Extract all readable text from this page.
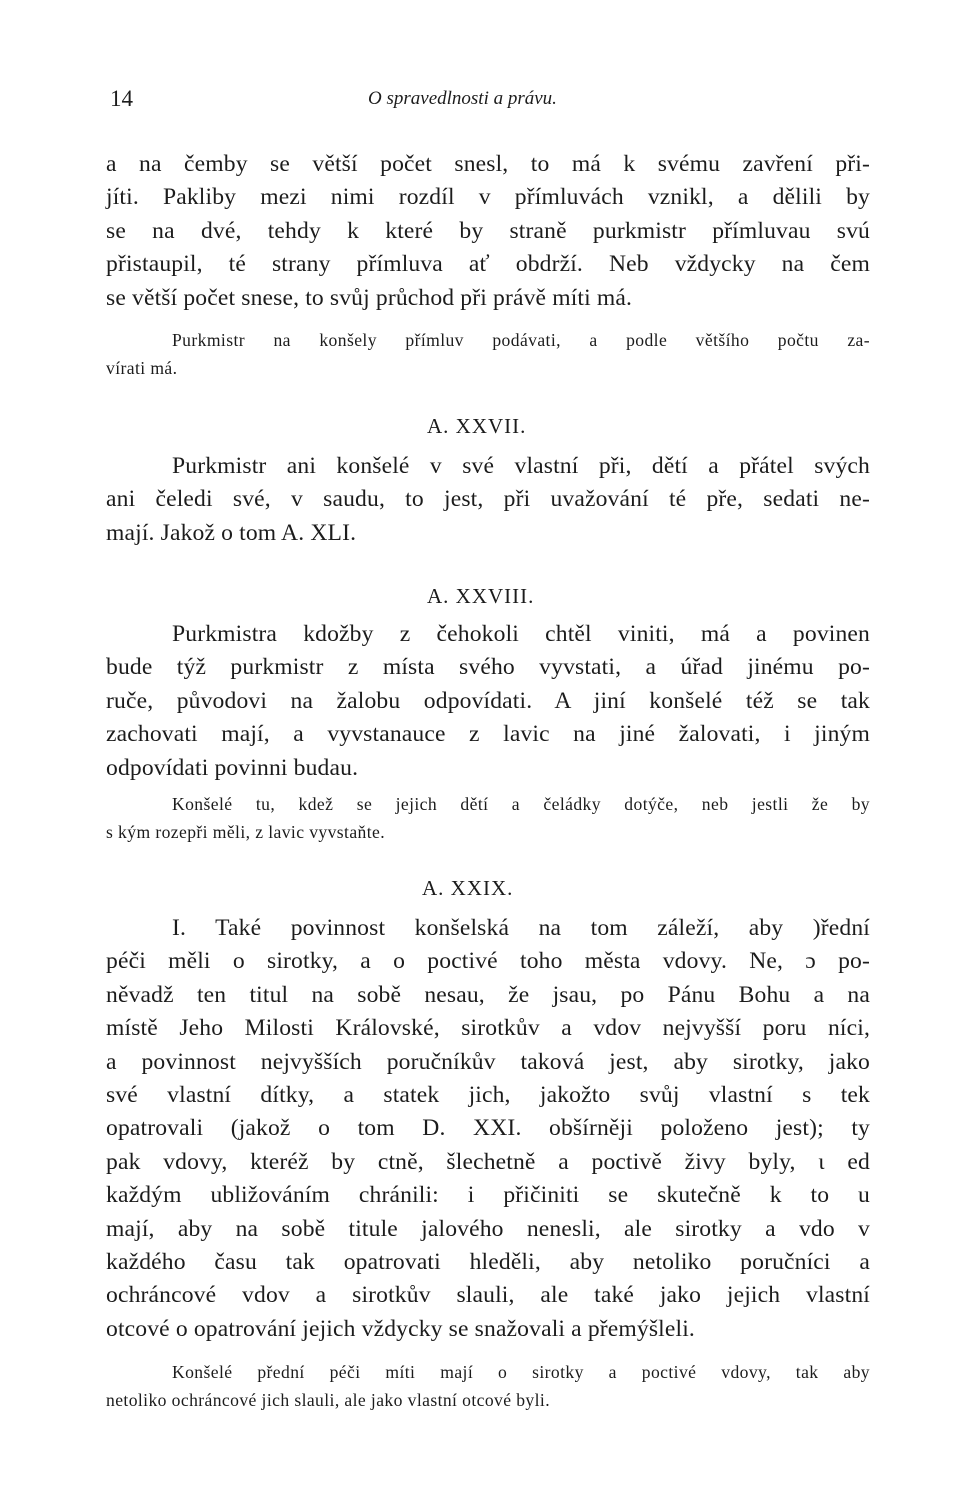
14	O spravedlnosti a právu.
a na čemby se větší počet snesl, to má k svému zavření při-
jíti. Pakliby mezi nimi rozdíl v přímluvách vznikl, a dělili by
se na dvé, tehdy k které by straně purkmistr přímluvau svú
přistaupil, té strany přímluva ať obdrží. Neb vždycky na čem
se větší počet snese, to svůj průchod při právě míti má.
Purkmistr na konšely přímluv podávati, a podle většího počtu za-
vírati má.
A. XXVII.
Purkmistr ani konšelé v své vlastní při, dětí a přátel svých
ani čeledi své, v saudu, to jest, při uvažování té pře, sedati ne-
mají. Jakož o tom A. XLI.
A. XXVIII.
Purkmistra kdožby z čehokoli chtěl viniti, má a povinen
bude týž purkmistr z místa svého vyvstati, a úřad jinému po-
ruče, původovi na žalobu odpovídati. A jiní konšelé též se tak
zachovati mají, a vyvstanauce z lavic na jiné žalovati, i jiným
odpovídati povinni budau.
Konšelé tu, kdež se jejich dětí a čeládky dotýče, neb jestli že by
s kým rozepři měli, z lavic vyvstaňte.
A. XXIX.
I. Také povinnost konšelská na tom záleží, aby )řední
péči měli o sirotky, a o poctivé toho města vdovy. Ne, ɔ po-
něvadž ten titul na sobě nesau, že jsau, po Pánu Bohu a na
místě Jeho Milosti Královské, sirotkův a vdov nejvyšší poru níci,
a povinnost nejvyšších poručníkův taková jest, aby sirotky, jako
své vlastní dítky, a statek jich, jakožto svůj vlastní s tek
opatrovali (jakož o tom D. XXI. obšírněji položeno jest); ty
pak vdovy, kteréž by ctně, šlechetně a poctivě živy byly, ɩ ed
každým ubližováním chránili: i přičiniti se skutečně k to u
mají, aby na sobě titule jalového nenesli, ale sirotky a vdo v
každého času tak opatrovati hleděli, aby netoliko poručníci a
ochráncové vdov a sirotkův slauli, ale také jako jejich vlastní
otcové o opatrování jejich vždycky se snažovali a přemýšleli.
Konšelé přední péči míti mají o sirotky a poctivé vdovy, tak aby
netoliko ochráncové jich slauli, ale jako vlastní otcové byli.
